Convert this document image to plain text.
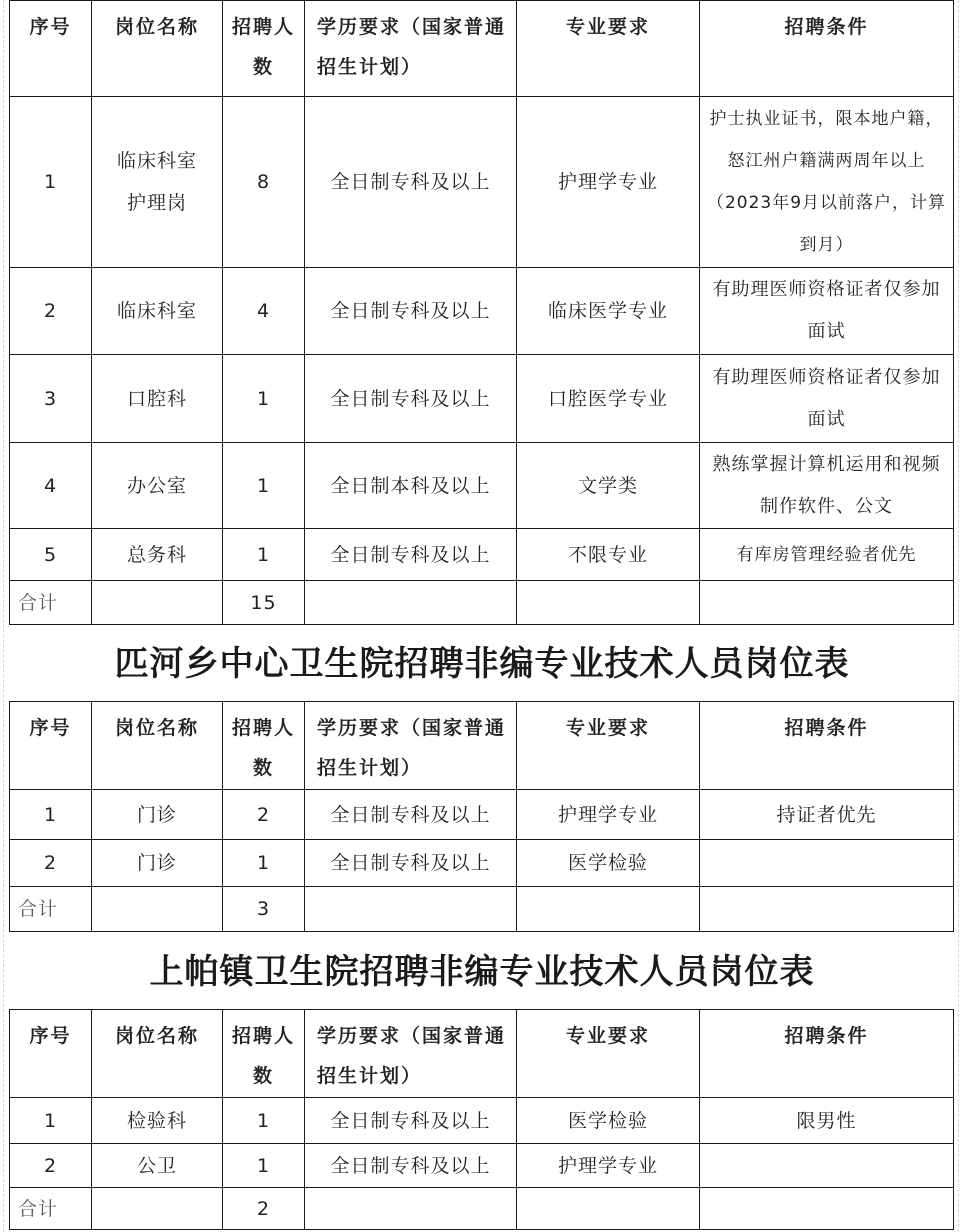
序号	岗位名称	招聘人数	学历要求（国家普通招生计划）	专业要求	招聘条件
1	临床科室护理岗	8	全日制专科及以上	护理学专业	护士执业证书，限本地户籍，怒江州户籍满两周年以上（2023年9月以前落户，计算到月）
2	临床科室	4	全日制专科及以上	临床医学专业	有助理医师资格证者仅参加面试
3	口腔科	1	全日制专科及以上	口腔医学专业	有助理医师资格证者仅参加面试
4	办公室	1	全日制本科及以上	文学类	熟练掌握计算机运用和视频制作软件、公文
5	总务科	1	全日制专科及以上	不限专业	有库房管理经验者优先
合计		15			
匹河乡中心卫生院招聘非编专业技术人员岗位表
序号	岗位名称	招聘人数	学历要求（国家普通招生计划）	专业要求	招聘条件
1	门诊	2	全日制专科及以上	护理学专业	持证者优先
2	门诊	1	全日制专科及以上	医学检验	
合计		3			
上帕镇卫生院招聘非编专业技术人员岗位表
序号	岗位名称	招聘人数	学历要求（国家普通招生计划）	专业要求	招聘条件
1	检验科	1	全日制专科及以上	医学检验	限男性
2	公卫	1	全日制专科及以上	护理学专业	
合计		2			
